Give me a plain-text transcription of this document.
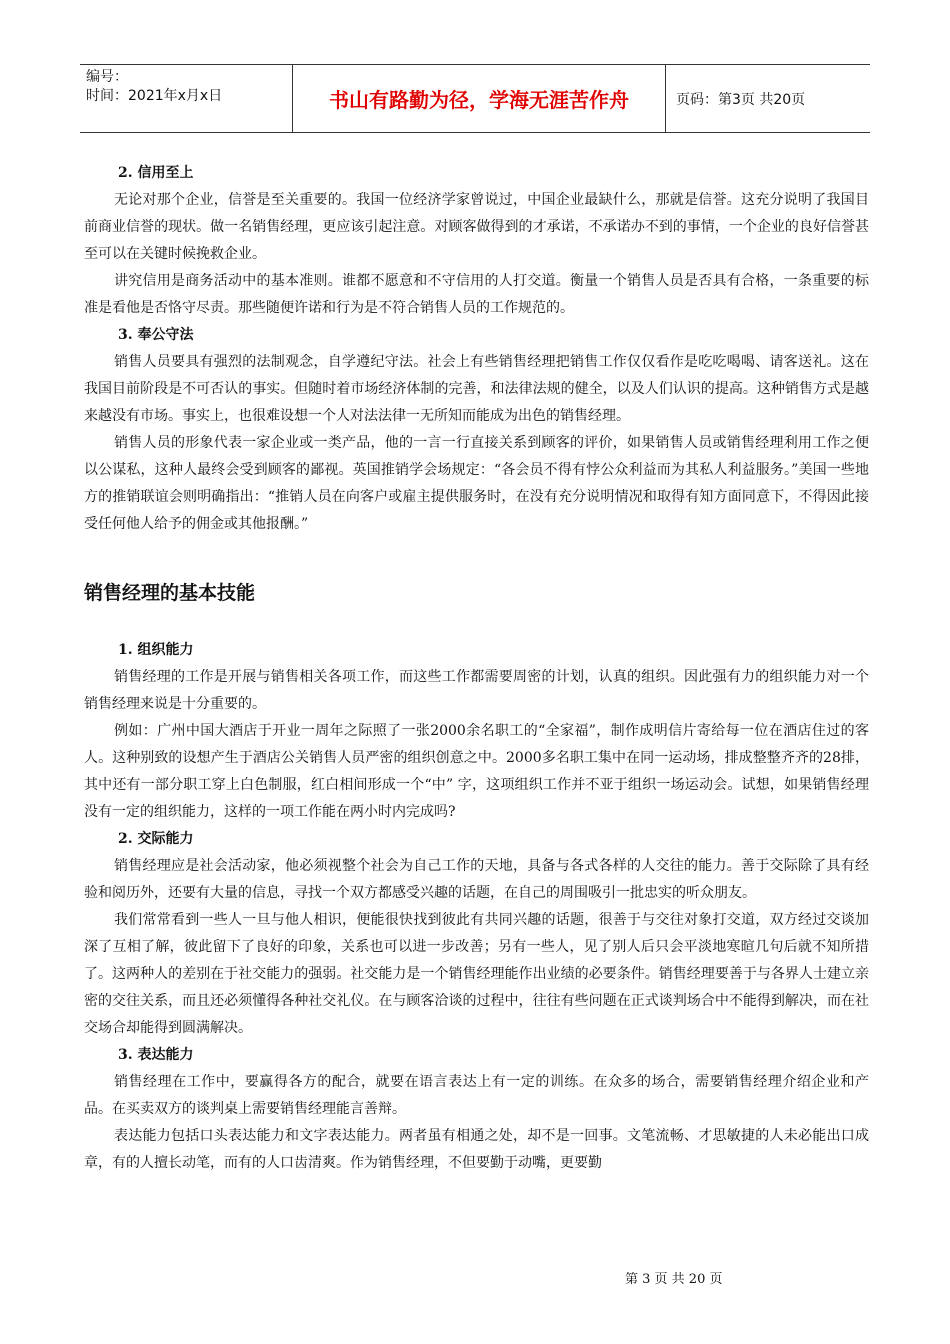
编号：
时间：2021年x月x日	书山有路勤为径，学海无涯苦作舟	页码：第3页 共20页

2. 信用至上

无论对那个企业，信誉是至关重要的。我国一位经济学家曾说过，中国企业最缺什么，那就是信誉。这充分说明了我国目前商业信誉的现状。做一名销售经理，更应该引起注意。对顾客做得到的才承诺，不承诺办不到的事情，一个企业的良好信誉甚至可以在关键时候挽救企业。

讲究信用是商务活动中的基本准则。谁都不愿意和不守信用的人打交道。衡量一个销售人员是否具有合格，一条重要的标准是看他是否恪守尽责。那些随便许诺和行为是不符合销售人员的工作规范的。

3. 奉公守法

销售人员要具有强烈的法制观念，自学遵纪守法。社会上有些销售经理把销售工作仅仅看作是吃吃喝喝、请客送礼。这在我国目前阶段是不可否认的事实。但随时着市场经济体制的完善，和法律法规的健全，以及人们认识的提高。这种销售方式是越来越没有市场。事实上，也很难设想一个人对法法律一无所知而能成为出色的销售经理。

销售人员的形象代表一家企业或一类产品，他的一言一行直接关系到顾客的评价，如果销售人员或销售经理利用工作之便以公谋私，这种人最终会受到顾客的鄙视。英国推销学会场规定：“各会员不得有悖公众利益而为其私人利益服务。”美国一些地方的推销联谊会则明确指出：“推销人员在向客户或雇主提供服务时，在没有充分说明情况和取得有知方面同意下，不得因此接受任何他人给予的佣金或其他报酬。”

销售经理的基本技能

1. 组织能力

销售经理的工作是开展与销售相关各项工作，而这些工作都需要周密的计划，认真的组织。因此强有力的组织能力对一个销售经理来说是十分重要的。

例如：广州中国大酒店于开业一周年之际照了一张2000余名职工的“全家福”，制作成明信片寄给每一位在酒店住过的客人。这种别致的设想产生于酒店公关销售人员严密的组织创意之中。2000多名职工集中在同一运动场，排成整整齐齐的28排，其中还有一部分职工穿上白色制服，红白相间形成一个“中” 字，这项组织工作并不亚于组织一场运动会。试想，如果销售经理没有一定的组织能力，这样的一项工作能在两小时内完成吗?

2. 交际能力

销售经理应是社会活动家，他必须视整个社会为自己工作的天地，具备与各式各样的人交往的能力。善于交际除了具有经验和阅历外，还要有大量的信息，寻找一个双方都感受兴趣的话题，在自己的周围吸引一批忠实的听众朋友。

我们常常看到一些人一旦与他人相识，便能很快找到彼此有共同兴趣的话题，很善于与交往对象打交道，双方经过交谈加深了互相了解，彼此留下了良好的印象，关系也可以进一步改善；另有一些人，见了别人后只会平淡地寒暄几句后就不知所措了。这两种人的差别在于社交能力的强弱。社交能力是一个销售经理能作出业绩的必要条件。销售经理要善于与各界人士建立亲密的交往关系，而且还必须懂得各种社交礼仪。在与顾客洽谈的过程中，往往有些问题在正式谈判场合中不能得到解决，而在社交场合却能得到圆满解决。

3. 表达能力

销售经理在工作中，要赢得各方的配合，就要在语言表达上有一定的训练。在众多的场合，需要销售经理介绍企业和产品。在买卖双方的谈判桌上需要销售经理能言善辩。

表达能力包括口头表达能力和文字表达能力。两者虽有相通之处，却不是一回事。文笔流畅、才思敏捷的人未必能出口成章，有的人擅长动笔，而有的人口齿清爽。作为销售经理，不但要勤于动嘴，更要勤

第 3 页 共 20 页
